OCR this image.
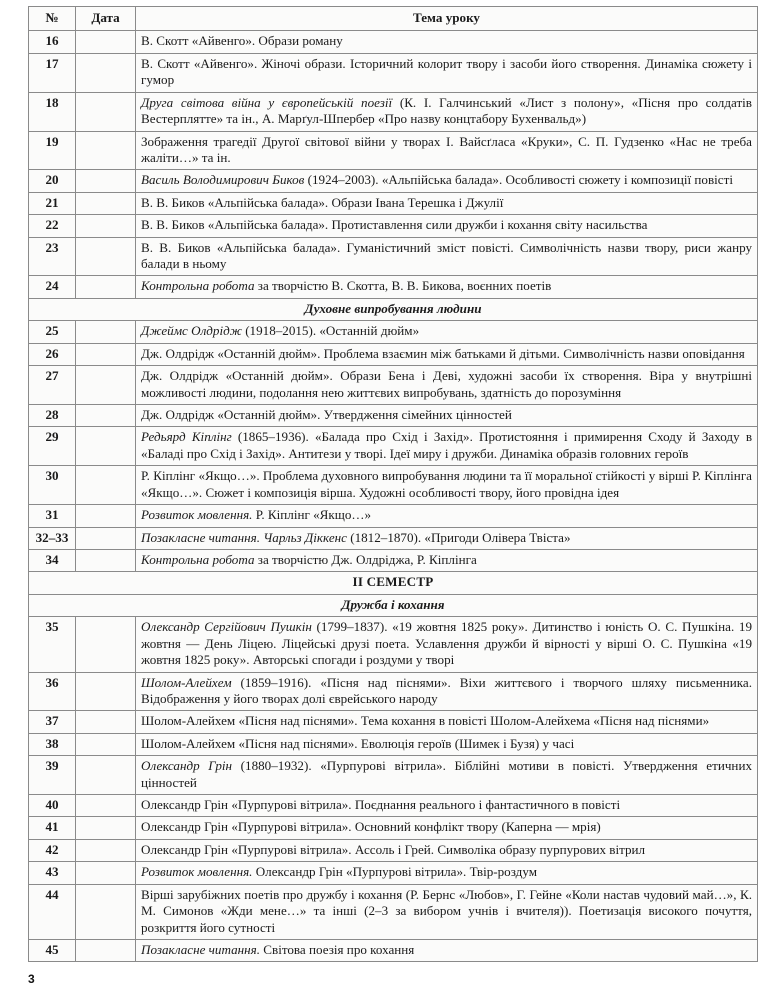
№	Дата	Тема уроку
16		В. Скотт «Айвенго». Образи роману
17		В. Скотт «Айвенго». Жіночі образи. Історичний колорит твору і засоби його створення. Динаміка сюжету і гумор
18		Друга світова війна у європейській поезії (К. І. Галчинський «Лист з полону», «Пісня про солдатів Вестерплятте» та ін., А. Марґул-Шпербер «Про назву концтабору Бухенвальд»)
19		Зображення трагедії Другої світової війни у творах І. Вайсґласа «Круки», С. П. Гудзенко «Нас не треба жаліти…» та ін.
20		Василь Володимирович Биков (1924–2003). «Альпійська балада». Особливості сюжету і композиції повісті
21		В. В. Биков «Альпійська балада». Образи Івана Терешка і Джулії
22		В. В. Биков «Альпійська балада». Протиставлення сили дружби і кохання світу насильства
23		В. В. Биков «Альпійська балада». Гуманістичний зміст повісті. Символічність назви твору, риси жанру балади в ньому
24		Контрольна робота за творчістю В. Скотта, В. В. Бикова, воєнних поетів
Духовне випробування людини		
25		Джеймс Олдрідж (1918–2015). «Останній дюйм»
26		Дж. Олдрідж «Останній дюйм». Проблема взаємин між батьками й дітьми. Символічність назви оповідання
27		Дж. Олдрідж «Останній дюйм». Образи Бена і Деві, художні засоби їх створення. Віра у внутрішні можливості людини, подолання нею життєвих випробувань, здатність до порозуміння
28		Дж. Олдрідж «Останній дюйм». Утвердження сімейних цінностей
29		Редьярд Кіплінг (1865–1936). «Балада про Схід і Захід». Протистояння і примирення Сходу й Заходу в «Баладі про Схід і Захід». Антитези у творі. Ідеї миру і дружби. Динаміка образів головних героїв
30		Р. Кіплінг «Якщо…». Проблема духовного випробування людини та її моральної стійкості у вірші Р. Кіплінга «Якщо…». Сюжет і композиція вірша. Художні особливості твору, його провідна ідея
31		Розвиток мовлення. Р. Кіплінг «Якщо…»
32–33		Позакласне читання. Чарльз Діккенс (1812–1870). «Пригоди Олівера Твіста»
34		Контрольна робота за творчістю Дж. Олдріджа, Р. Кіплінга
II СЕМЕСТР		
Дружба і кохання		
35		Олександр Сергійович Пушкін (1799–1837). «19 жовтня 1825 року». Дитинство і юність О. С. Пушкіна. 19 жовтня — День Ліцею. Ліцейські друзі поета. Уславлення дружби й вірності у вірші О. С. Пушкіна «19 жовтня 1825 року». Авторські спогади і роздуми у творі
36		Шолом-Алейхем (1859–1916). «Пісня над піснями». Віхи життєвого і творчого шляху письменника. Відображення у його творах долі єврейського народу
37		Шолом-Алейхем «Пісня над піснями». Тема кохання в повісті Шолом-Алейхема «Пісня над піснями»
38		Шолом-Алейхем «Пісня над піснями». Еволюція героїв (Шимек і Бузя) у часі
39		Олександр Грін (1880–1932). «Пурпурові вітрила». Біблійні мотиви в повісті. Утвердження етичних цінностей
40		Олександр Грін «Пурпурові вітрила». Поєднання реального і фантастичного в повісті
41		Олександр Грін «Пурпурові вітрила». Основний конфлікт твору (Каперна — мрія)
42		Олександр Грін «Пурпурові вітрила». Ассоль і Грей. Символіка образу пурпурових вітрил
43		Розвиток мовлення. Олександр Грін «Пурпурові вітрила». Твір-роздум
44		Вірші зарубіжних поетів про дружбу і кохання (Р. Бернс «Любов», Г. Гейне «Коли настав чудовий май…», К. М. Симонов «Жди мене…» та інші (2–3 за вибором учнів і вчителя)). Поетизація високого почуття, розкриття його сутності
45		Позакласне читання. Світова поезія про кохання
3
